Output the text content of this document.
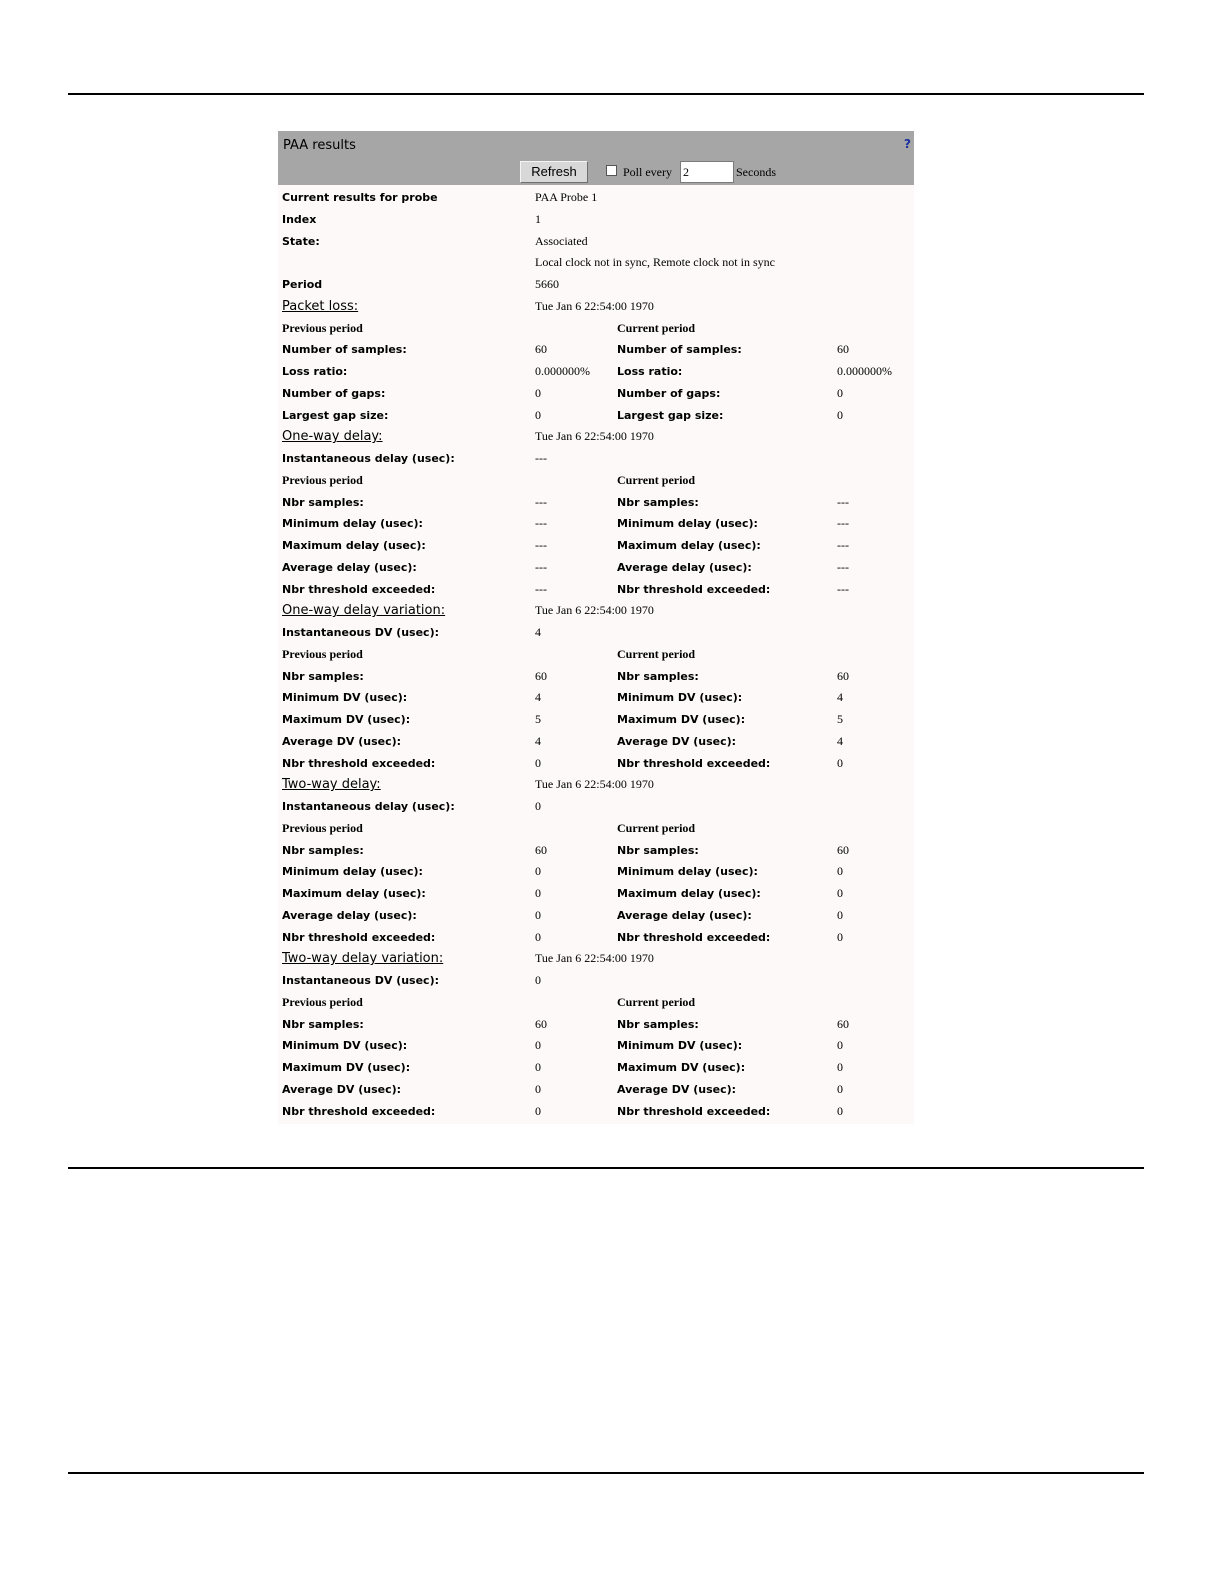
PAA results	?
Refresh	Poll every
2	Seconds
Current results for probe	PAA Probe 1
Index	1
State:	Associated
Local clock not in sync, Remote clock not in sync
Period	5660
Packet loss:	Tue Jan 6 22:54:00 1970
Previous period	Current period
Number of samples:	60	Number of samples:	60
Loss ratio:	0.000000% Loss ratio:	0.000000%
Number of gaps:	0	Number of gaps:	0
Largest gap size:	0	Largest gap size:	0
One-way delay:	Tue Jan 6 22:54:00 1970
Instantaneous delay (usec):	---
Previous period	Current period
Nbr samples:	---	Nbr samples:	---
Minimum delay (usec):	---	Minimum delay (usec):	---
Maximum delay (usec):	---	Maximum delay (usec):	---
Average delay (usec):	---	Average delay (usec):	---
Nbr threshold exceeded:	---	Nbr threshold exceeded:	---
One-way delay variation:	Tue Jan 6 22:54:00 1970
Instantaneous DV (usec):	4
Previous period	Current period
Nbr samples:	60	Nbr samples:	60
Minimum DV (usec):	4	Minimum DV (usec):	4
Maximum DV (usec):	5	Maximum DV (usec):	5
Average DV (usec):	4	Average DV (usec):	4
Nbr threshold exceeded:	0	Nbr threshold exceeded:	0
Two-way delay:	Tue Jan 6 22:54:00 1970
Instantaneous delay (usec):	0
Previous period	Current period
Nbr samples:	60	Nbr samples:	60
Minimum delay (usec):	0	Minimum delay (usec):	0
Maximum delay (usec):	0	Maximum delay (usec):	0
Average delay (usec):	0	Average delay (usec):	0
Nbr threshold exceeded:	0	Nbr threshold exceeded:	0
Two-way delay variation:	Tue Jan 6 22:54:00 1970
Instantaneous DV (usec):	0
Previous period	Current period
Nbr samples:	60	Nbr samples:	60
Minimum DV (usec):	0	Minimum DV (usec):	0
Maximum DV (usec):	0	Maximum DV (usec):	0
Average DV (usec):	0	Average DV (usec):	0
Nbr threshold exceeded:	0	Nbr threshold exceeded:	0
